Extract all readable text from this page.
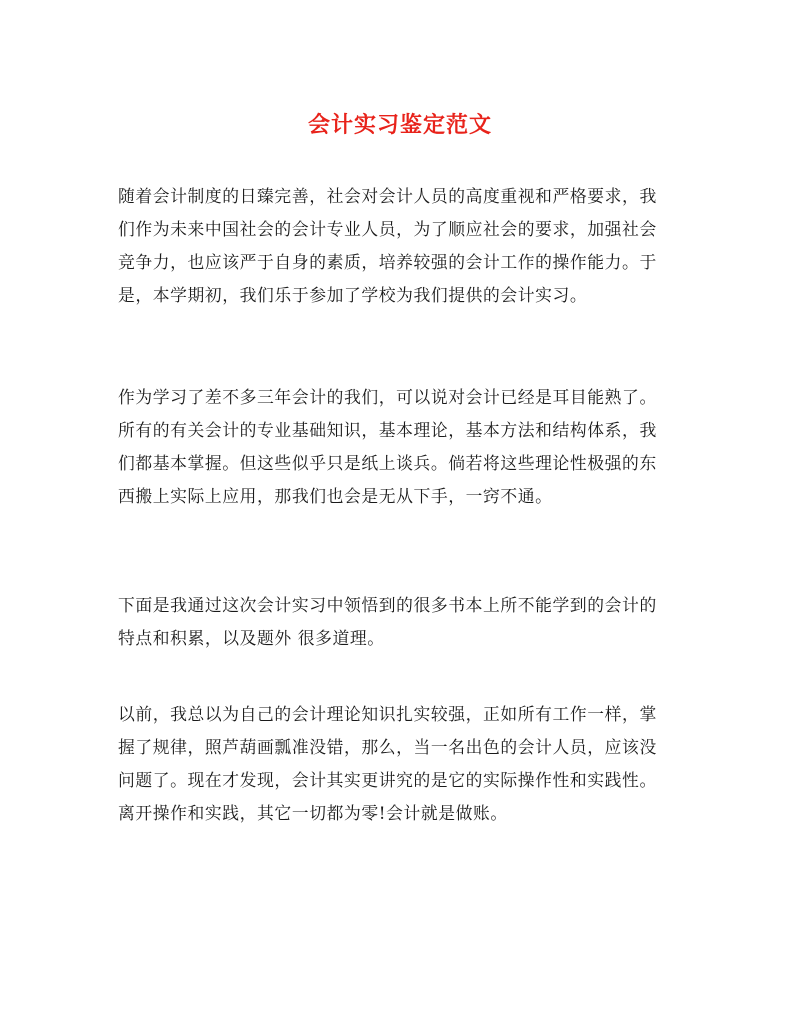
会计实习鉴定范文

随着会计制度的日臻完善，社会对会计人员的高度重视和严格要求，我
们作为未来中国社会的会计专业人员，为了顺应社会的要求，加强社会
竞争力，也应该严于自身的素质，培养较强的会计工作的操作能力。于
是，本学期初，我们乐于参加了学校为我们提供的会计实习。

作为学习了差不多三年会计的我们，可以说对会计已经是耳目能熟了。
所有的有关会计的专业基础知识，基本理论，基本方法和结构体系，我
们都基本掌握。但这些似乎只是纸上谈兵。倘若将这些理论性极强的东
西搬上实际上应用，那我们也会是无从下手，一窍不通。

下面是我通过这次会计实习中领悟到的很多书本上所不能学到的会计的
特点和积累，以及题外 很多道理。

以前，我总以为自己的会计理论知识扎实较强，正如所有工作一样，掌
握了规律，照芦葫画瓢准没错，那么，当一名出色的会计人员，应该没
问题了。现在才发现，会计其实更讲究的是它的实际操作性和实践性。
离开操作和实践，其它一切都为零!会计就是做账。
